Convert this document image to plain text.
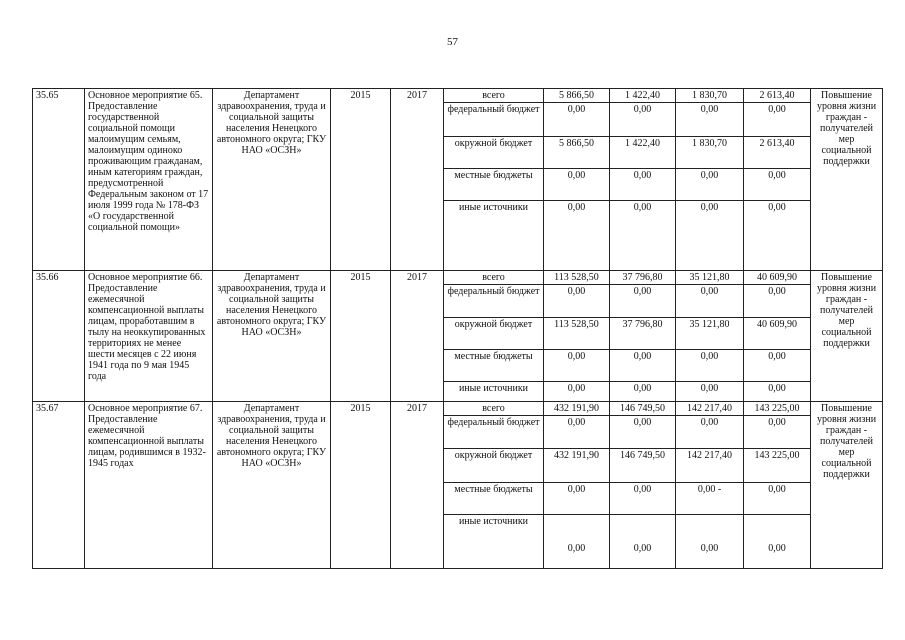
57
35.65	Основное мероприятие 65. Предоставление государственной социальной помощи малоимущим семьям, малоимущим одиноко проживающим гражданам, иным категориям граждан, предусмотренной Федеральным законом от 17 июля 1999 года № 178-ФЗ «О государственной социальной помощи»	Департамент здравоохранения, труда и социальной защиты населения Ненецкого автономного округа; ГКУ НАО «ОСЗН»	2015	2017	всего	5 866,50	1 422,40	1 830,70	2 613,40	Повышение уровня жизни граждан - получателей мер социальной поддержки
					федеральный бюджет	0,00	0,00	0,00	0,00	
					окружной бюджет	5 866,50	1 422,40	1 830,70	2 613,40	
					местные бюджеты	0,00	0,00	0,00	0,00	
					иные источники	0,00	0,00	0,00	0,00	
35.66	Основное мероприятие 66. Предоставление ежемесячной компенсационной выплаты лицам, проработавшим в тылу на неоккупированных территориях не менее шести месяцев с 22 июня 1941 года по 9 мая 1945 года	Департамент здравоохранения, труда и социальной защиты населения Ненецкого автономного округа; ГКУ НАО «ОСЗН»	2015	2017	всего	113 528,50	37 796,80	35 121,80	40 609,90	Повышение уровня жизни граждан - получателей мер социальной поддержки
					федеральный бюджет	0,00	0,00	0,00	0,00	
					окружной бюджет	113 528,50	37 796,80	35 121,80	40 609,90	
					местные бюджеты	0,00	0,00	0,00	0,00	
					иные источники	0,00	0,00	0,00	0,00	
35.67	Основное мероприятие 67. Предоставление ежемесячной компенсационной выплаты лицам, родившимся в 1932-1945 годах	Департамент здравоохранения, труда и социальной защиты населения Ненецкого автономного округа; ГКУ НАО «ОСЗН»	2015	2017	всего	432 191,90	146 749,50	142 217,40	143 225,00	Повышение уровня жизни граждан - получателей мер социальной поддержки
					федеральный бюджет	0,00	0,00	0,00	0,00	
					окружной бюджет	432 191,90	146 749,50	142 217,40	143 225,00	
					местные бюджеты	0,00	0,00	0,00 -	0,00	
					иные источники	0,00	0,00	0,00	0,00	
